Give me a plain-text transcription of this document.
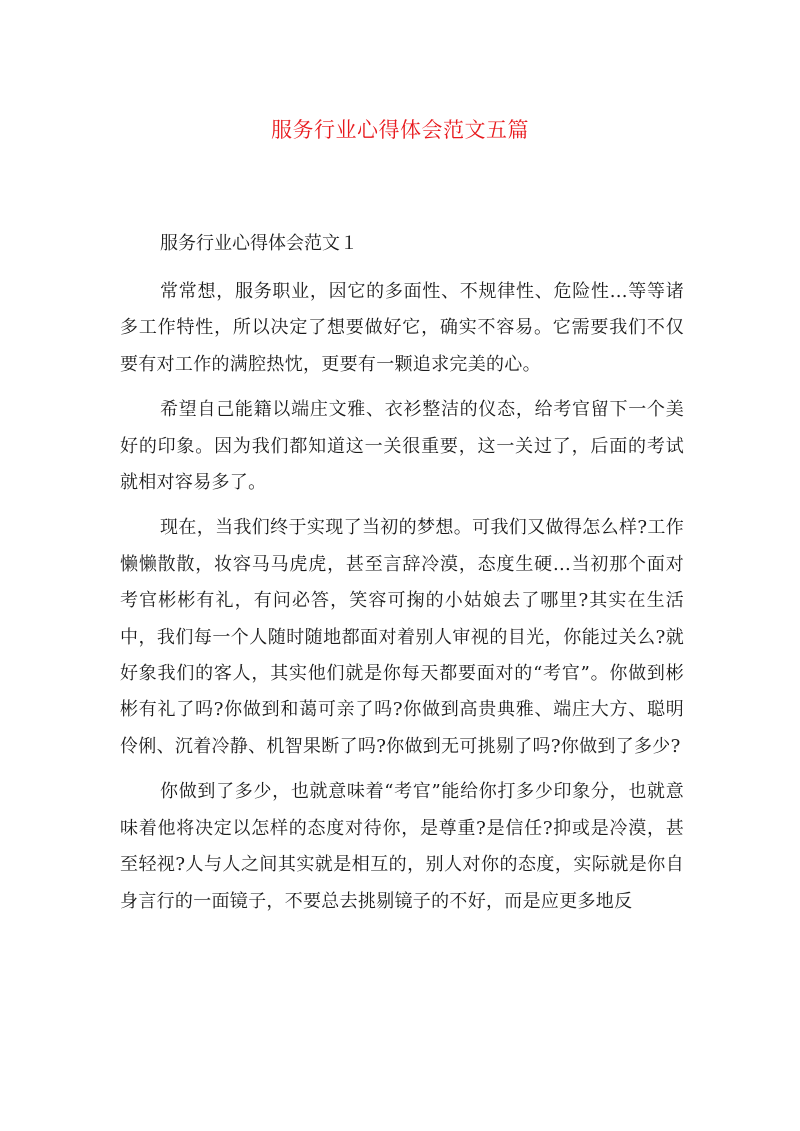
服务行业心得体会范文五篇

服务行业心得体会范文１

常常想，服务职业，因它的多面性、不规律性、危险性...等等诸多工作特性，所以决定了想要做好它，确实不容易。它需要我们不仅要有对工作的满腔热忱，更要有一颗追求完美的心。

希望自己能籍以端庄文雅、衣衫整洁的仪态，给考官留下一个美好的印象。因为我们都知道这一关很重要，这一关过了，后面的考试就相对容易多了。

现在，当我们终于实现了当初的梦想。可我们又做得怎么样?工作懒懒散散，妆容马马虎虎，甚至言辞冷漠，态度生硬...当初那个面对考官彬彬有礼，有问必答，笑容可掬的小姑娘去了哪里?其实在生活中，我们每一个人随时随地都面对着别人审视的目光，你能过关么?就好象我们的客人，其实他们就是你每天都要面对的“考官”。你做到彬彬有礼了吗?你做到和蔼可亲了吗?你做到高贵典雅、端庄大方、聪明伶俐、沉着冷静、机智果断了吗?你做到无可挑剔了吗?你做到了多少?

你做到了多少，也就意味着“考官”能给你打多少印象分，也就意味着他将决定以怎样的态度对待你，是尊重?是信任?抑或是冷漠，甚至轻视?人与人之间其实就是相互的，别人对你的态度，实际就是你自身言行的一面镜子，不要总去挑剔镜子的不好，而是应更多地反
